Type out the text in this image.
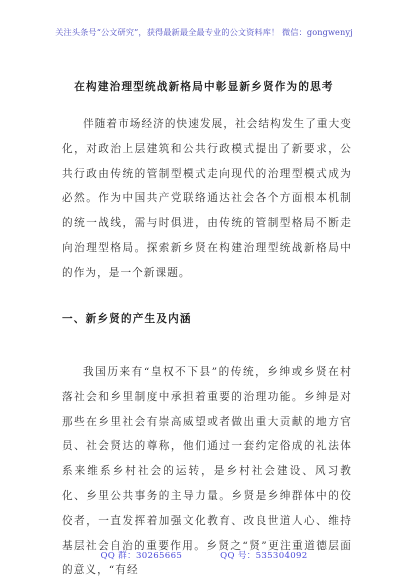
关注头条号“公文研究”，获得最新最全最专业的公文资料库！ 微信：gongwenyj
在构建治理型统战新格局中彰显新乡贤作为的思考
伴随着市场经济的快速发展，社会结构发生了重大变化，对政治上层建筑和公共行政模式提出了新要求，公共行政由传统的管制型模式走向现代的治理型模式成为必然。作为中国共产党联络通达社会各个方面根本机制的统一战线，需与时俱进，由传统的管制型格局不断走向治理型格局。探索新乡贤在构建治理型统战新格局中的作为，是一个新课题。
一、新乡贤的产生及内涵
我国历来有“皇权不下县”的传统，乡绅或乡贤在村落社会和乡里制度中承担着重要的治理功能。乡绅是对那些在乡里社会有崇高威望或者做出重大贡献的地方官员、社会贤达的尊称，他们通过一套约定俗成的礼法体系来维系乡村社会的运转，是乡村社会建设、风习教化、乡里公共事务的主导力量。乡贤是乡绅群体中的佼佼者，一直发挥着加强文化教育、改良世道人心、维持基层社会自治的重要作用。乡贤之“贤”更注重道德层面的意义，“有经
QQ 群：30265665	QQ 号：535304092
